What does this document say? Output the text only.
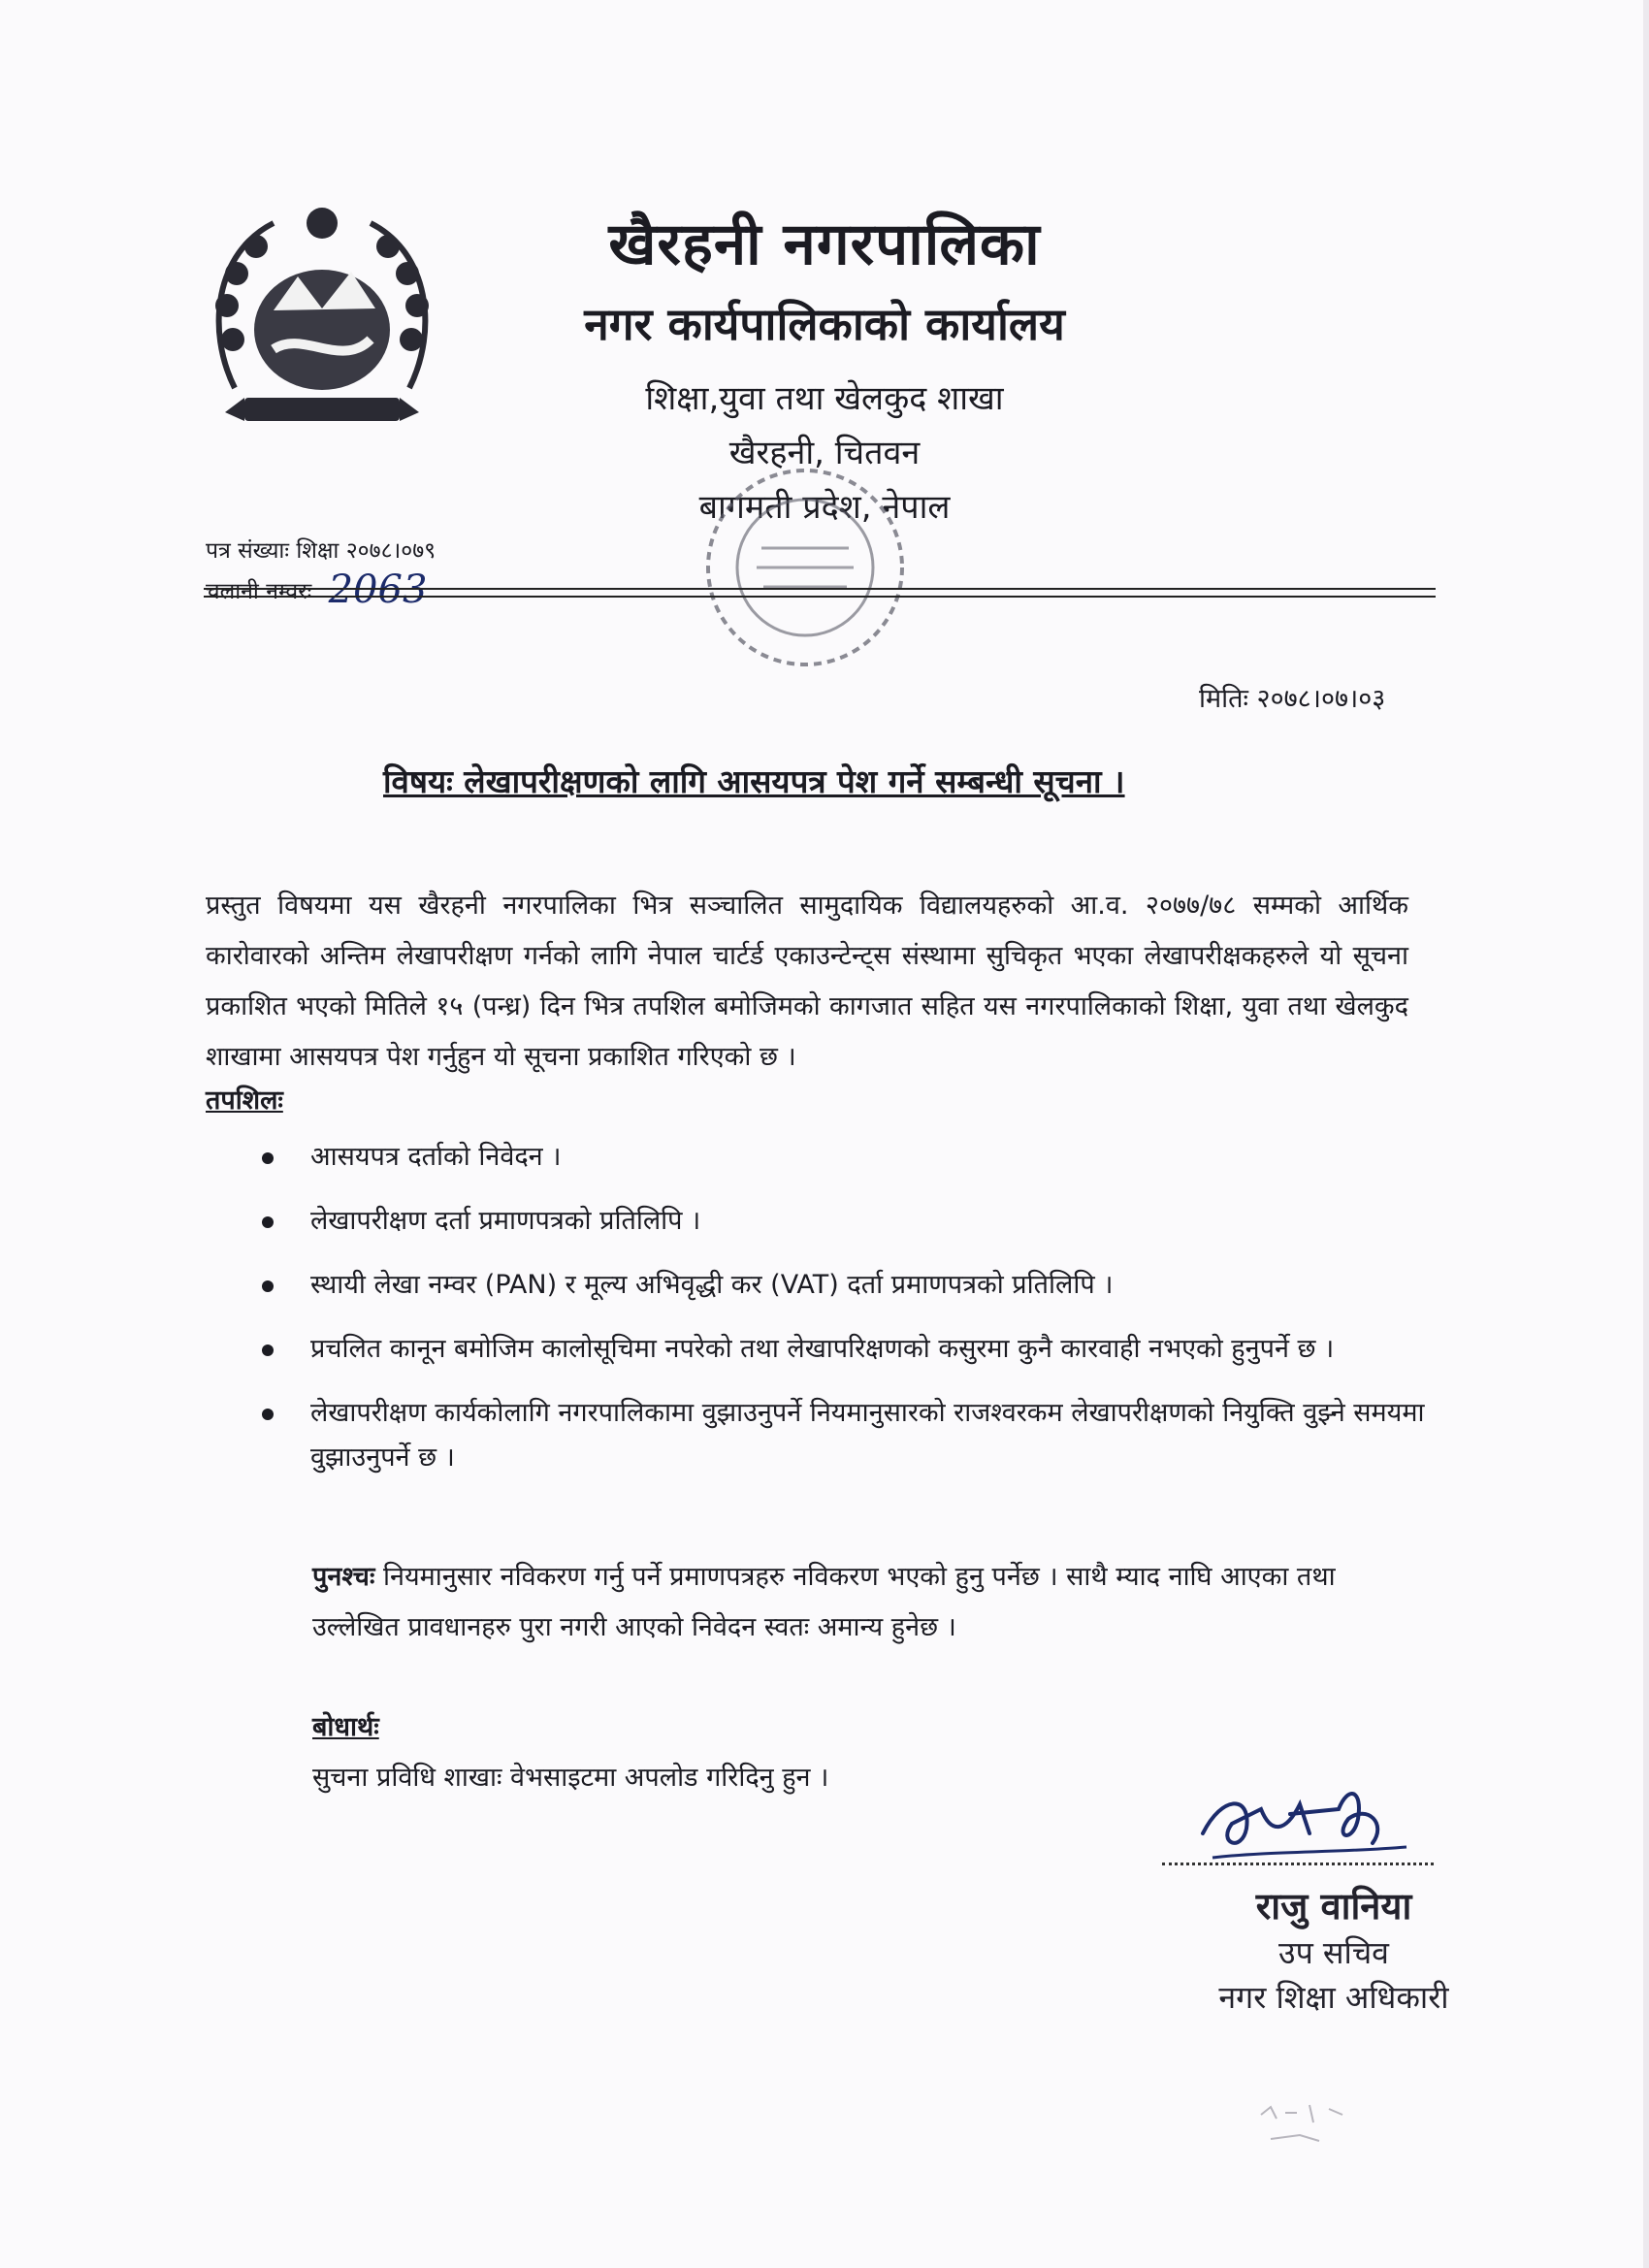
खैरहनी नगरपालिका
नगर कार्यपालिकाको कार्यालय
शिक्षा,युवा तथा खेलकुद शाखा
खैरहनी, चितवन
बागमती प्रदेश, नेपाल
पत्र संख्याः शिक्षा २०७८।०७९
चलानी नम्वरः 2063
मितिः २०७८।०७।०३
विषयः लेखापरीक्षणको लागि आसयपत्र पेश गर्ने सम्बन्धी सूचना ।
प्रस्तुत विषयमा यस खैरहनी नगरपालिका भित्र सञ्चालित सामुदायिक विद्यालयहरुको आ.व. २०७७/७८ सम्मको आर्थिक कारोवारको अन्तिम लेखापरीक्षण गर्नको लागि नेपाल चार्टर्ड एकाउन्टेन्ट्स संस्थामा सुचिकृत भएका लेखापरीक्षकहरुले यो सूचना प्रकाशित भएको मितिले १५ (पन्ध्र) दिन भित्र तपशिल बमोजिमको कागजात सहित यस नगरपालिकाको शिक्षा, युवा तथा खेलकुद शाखामा आसयपत्र पेश गर्नुहुन यो सूचना प्रकाशित गरिएको छ ।
तपशिलः
आसयपत्र दर्ताको निवेदन ।
लेखापरीक्षण दर्ता प्रमाणपत्रको प्रतिलिपि ।
स्थायी लेखा नम्वर (PAN) र मूल्य अभिवृद्धी कर (VAT) दर्ता प्रमाणपत्रको प्रतिलिपि ।
प्रचलित कानून बमोजिम कालोसूचिमा नपरेको तथा लेखापरिक्षणको कसुरमा कुनै कारवाही नभएको हुनुपर्ने छ ।
लेखापरीक्षण कार्यकोलागि नगरपालिकामा वुझाउनुपर्ने नियमानुसारको राजश्वरकम लेखापरीक्षणको नियुक्ति वुझ्ने समयमा वुझाउनुपर्ने छ ।
पुनश्चः नियमानुसार नविकरण गर्नु पर्ने प्रमाणपत्रहरु नविकरण भएको हुनु पर्नेछ । साथै म्याद नाघि आएका तथा उल्लेखित प्रावधानहरु पुरा नगरी आएको निवेदन स्वतः अमान्य हुनेछ ।
बोधार्थः
सुचना प्रविधि शाखाः वेभसाइटमा अपलोड गरिदिनु हुन ।
राजु वानिया
उप सचिव
नगर शिक्षा अधिकारी
